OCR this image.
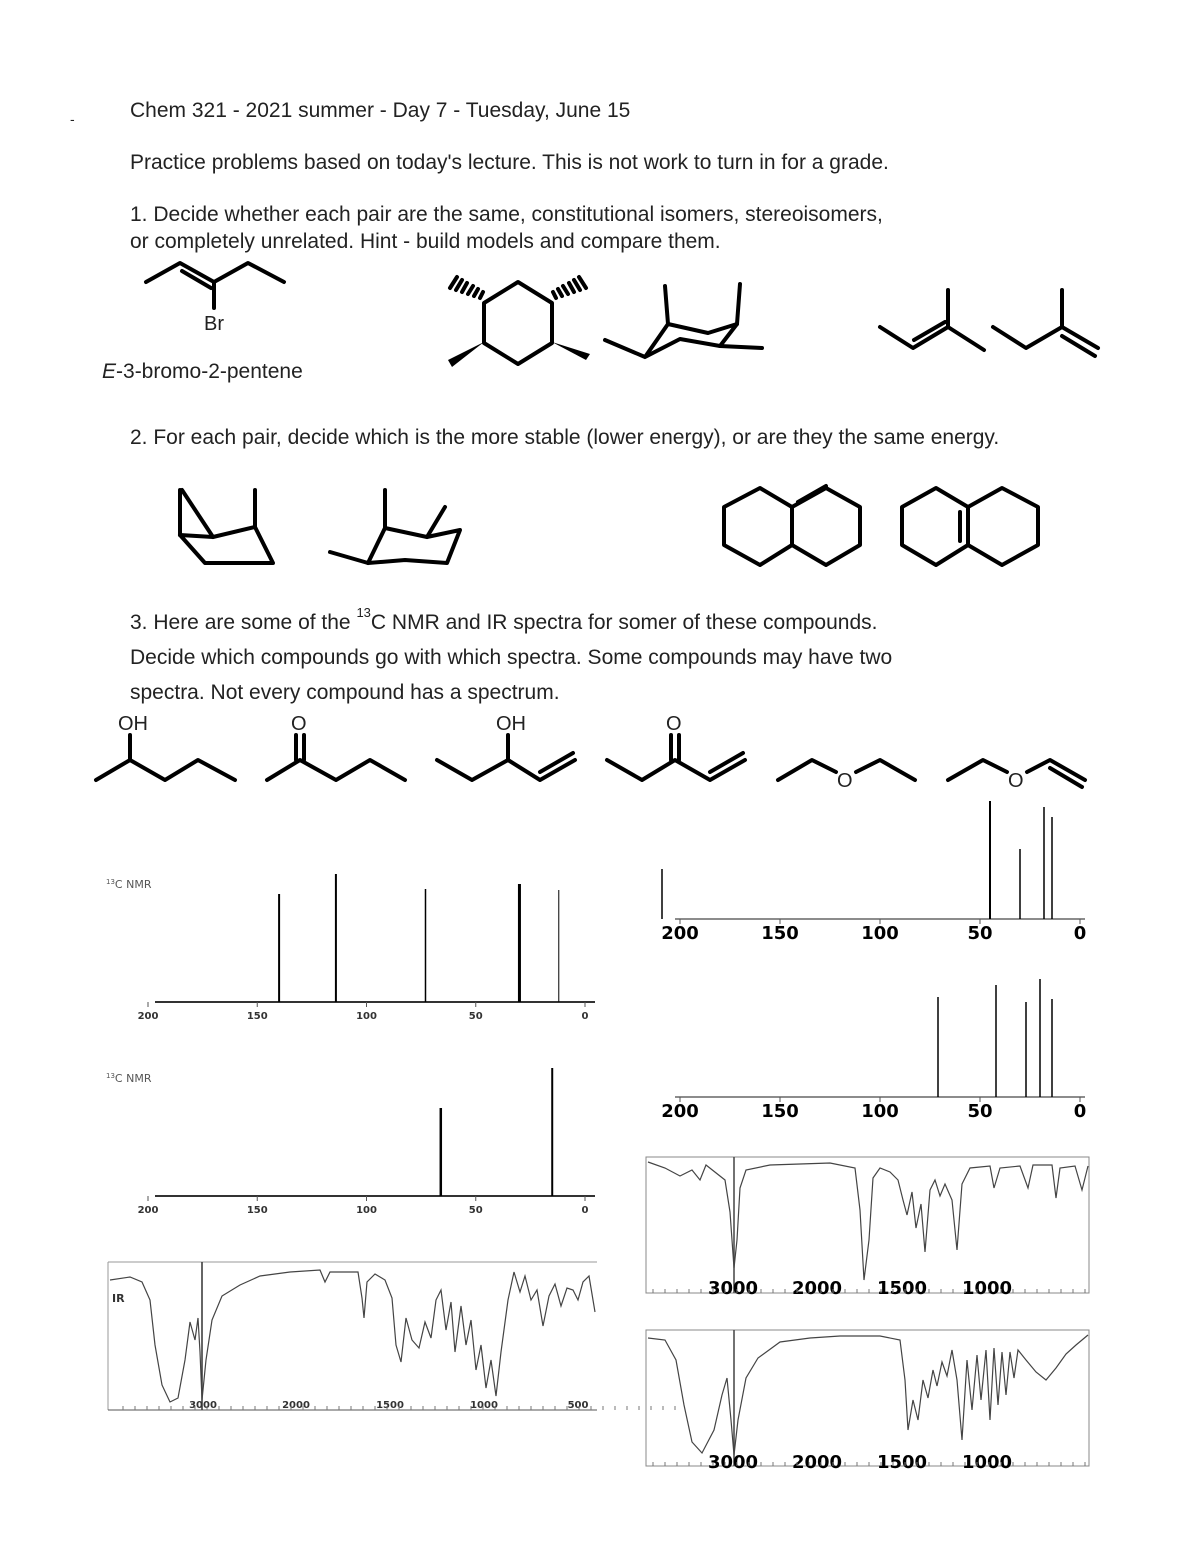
-	Chem 321 - 2021 summer - Day 7 - Tuesday, June 15
Practice problems based on today's lecture. This is not work to turn in for a grade.
1. Decide whether each pair are the same, constitutional isomers, stereoisomers,
or completely unrelated. Hint - build models and compare them.
E-3-bromo-2-pentene
2. For each pair, decide which is the more stable (lower energy), or are they the same energy.
3. Here are some of the $^{13}$C NMR and IR spectra for somer of these compounds.
Decide which compounds go with which spectra. Some compounds may have two
spectra. Not every compound has a spectrum.
Br
OH	O	OH	O
O	O
$^{13}$C NMR
200	150	100	50	0
$^{13}$C NMR
200	150	100	50	0
200	150	100	50	0
200	150	100	50	0
IR
3000	2000	1500	1000	500
3000 2000 1500 1000
3000 2000 1500 1000
